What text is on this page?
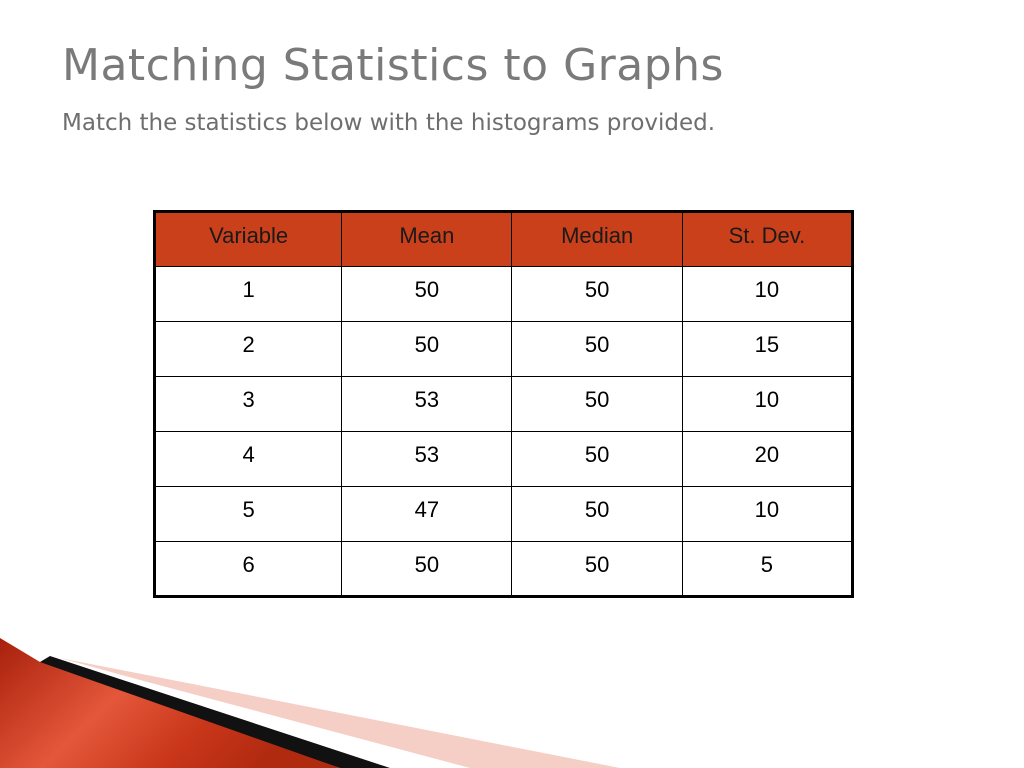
Matching Statistics to Graphs

Match the statistics below with the histograms provided.

Variable	Mean	Median	St. Dev.
1	50	50	10
2	50	50	15
3	53	50	10
4	53	50	20
5	47	50	10
6	50	50	5
